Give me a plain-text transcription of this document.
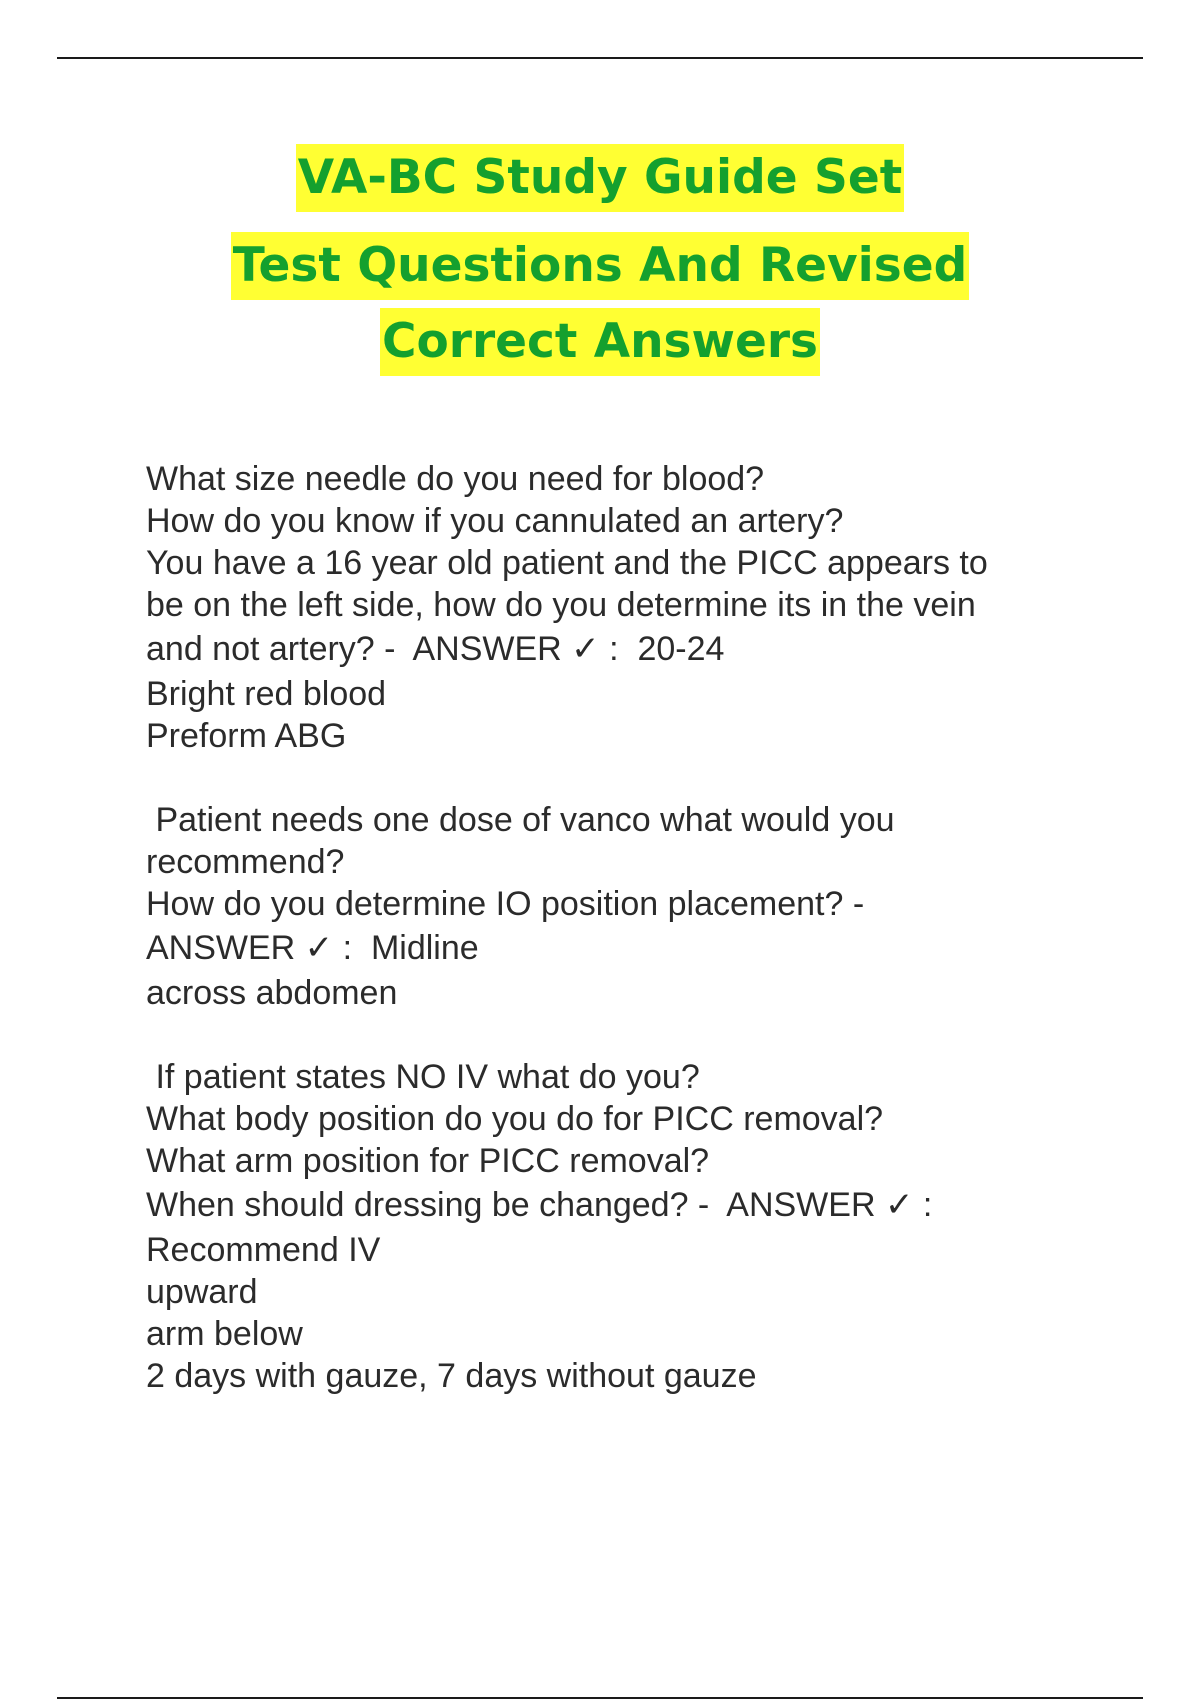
VA-BC Study Guide Set
Test Questions And Revised
Correct Answers
What size needle do you need for blood?
How do you know if you cannulated an artery?
You have a 16 year old patient and the PICC appears to
be on the left side, how do you determine its in the vein
and not artery? -  ANSWER ✓ :  20-24
Bright red blood
Preform ABG
Patient needs one dose of vanco what would you
recommend?
How do you determine IO position placement? -
ANSWER ✓ :  Midline
across abdomen
If patient states NO IV what do you?
What body position do you do for PICC removal?
What arm position for PICC removal?
When should dressing be changed? -  ANSWER ✓ :
Recommend IV
upward
arm below
2 days with gauze, 7 days without gauze
